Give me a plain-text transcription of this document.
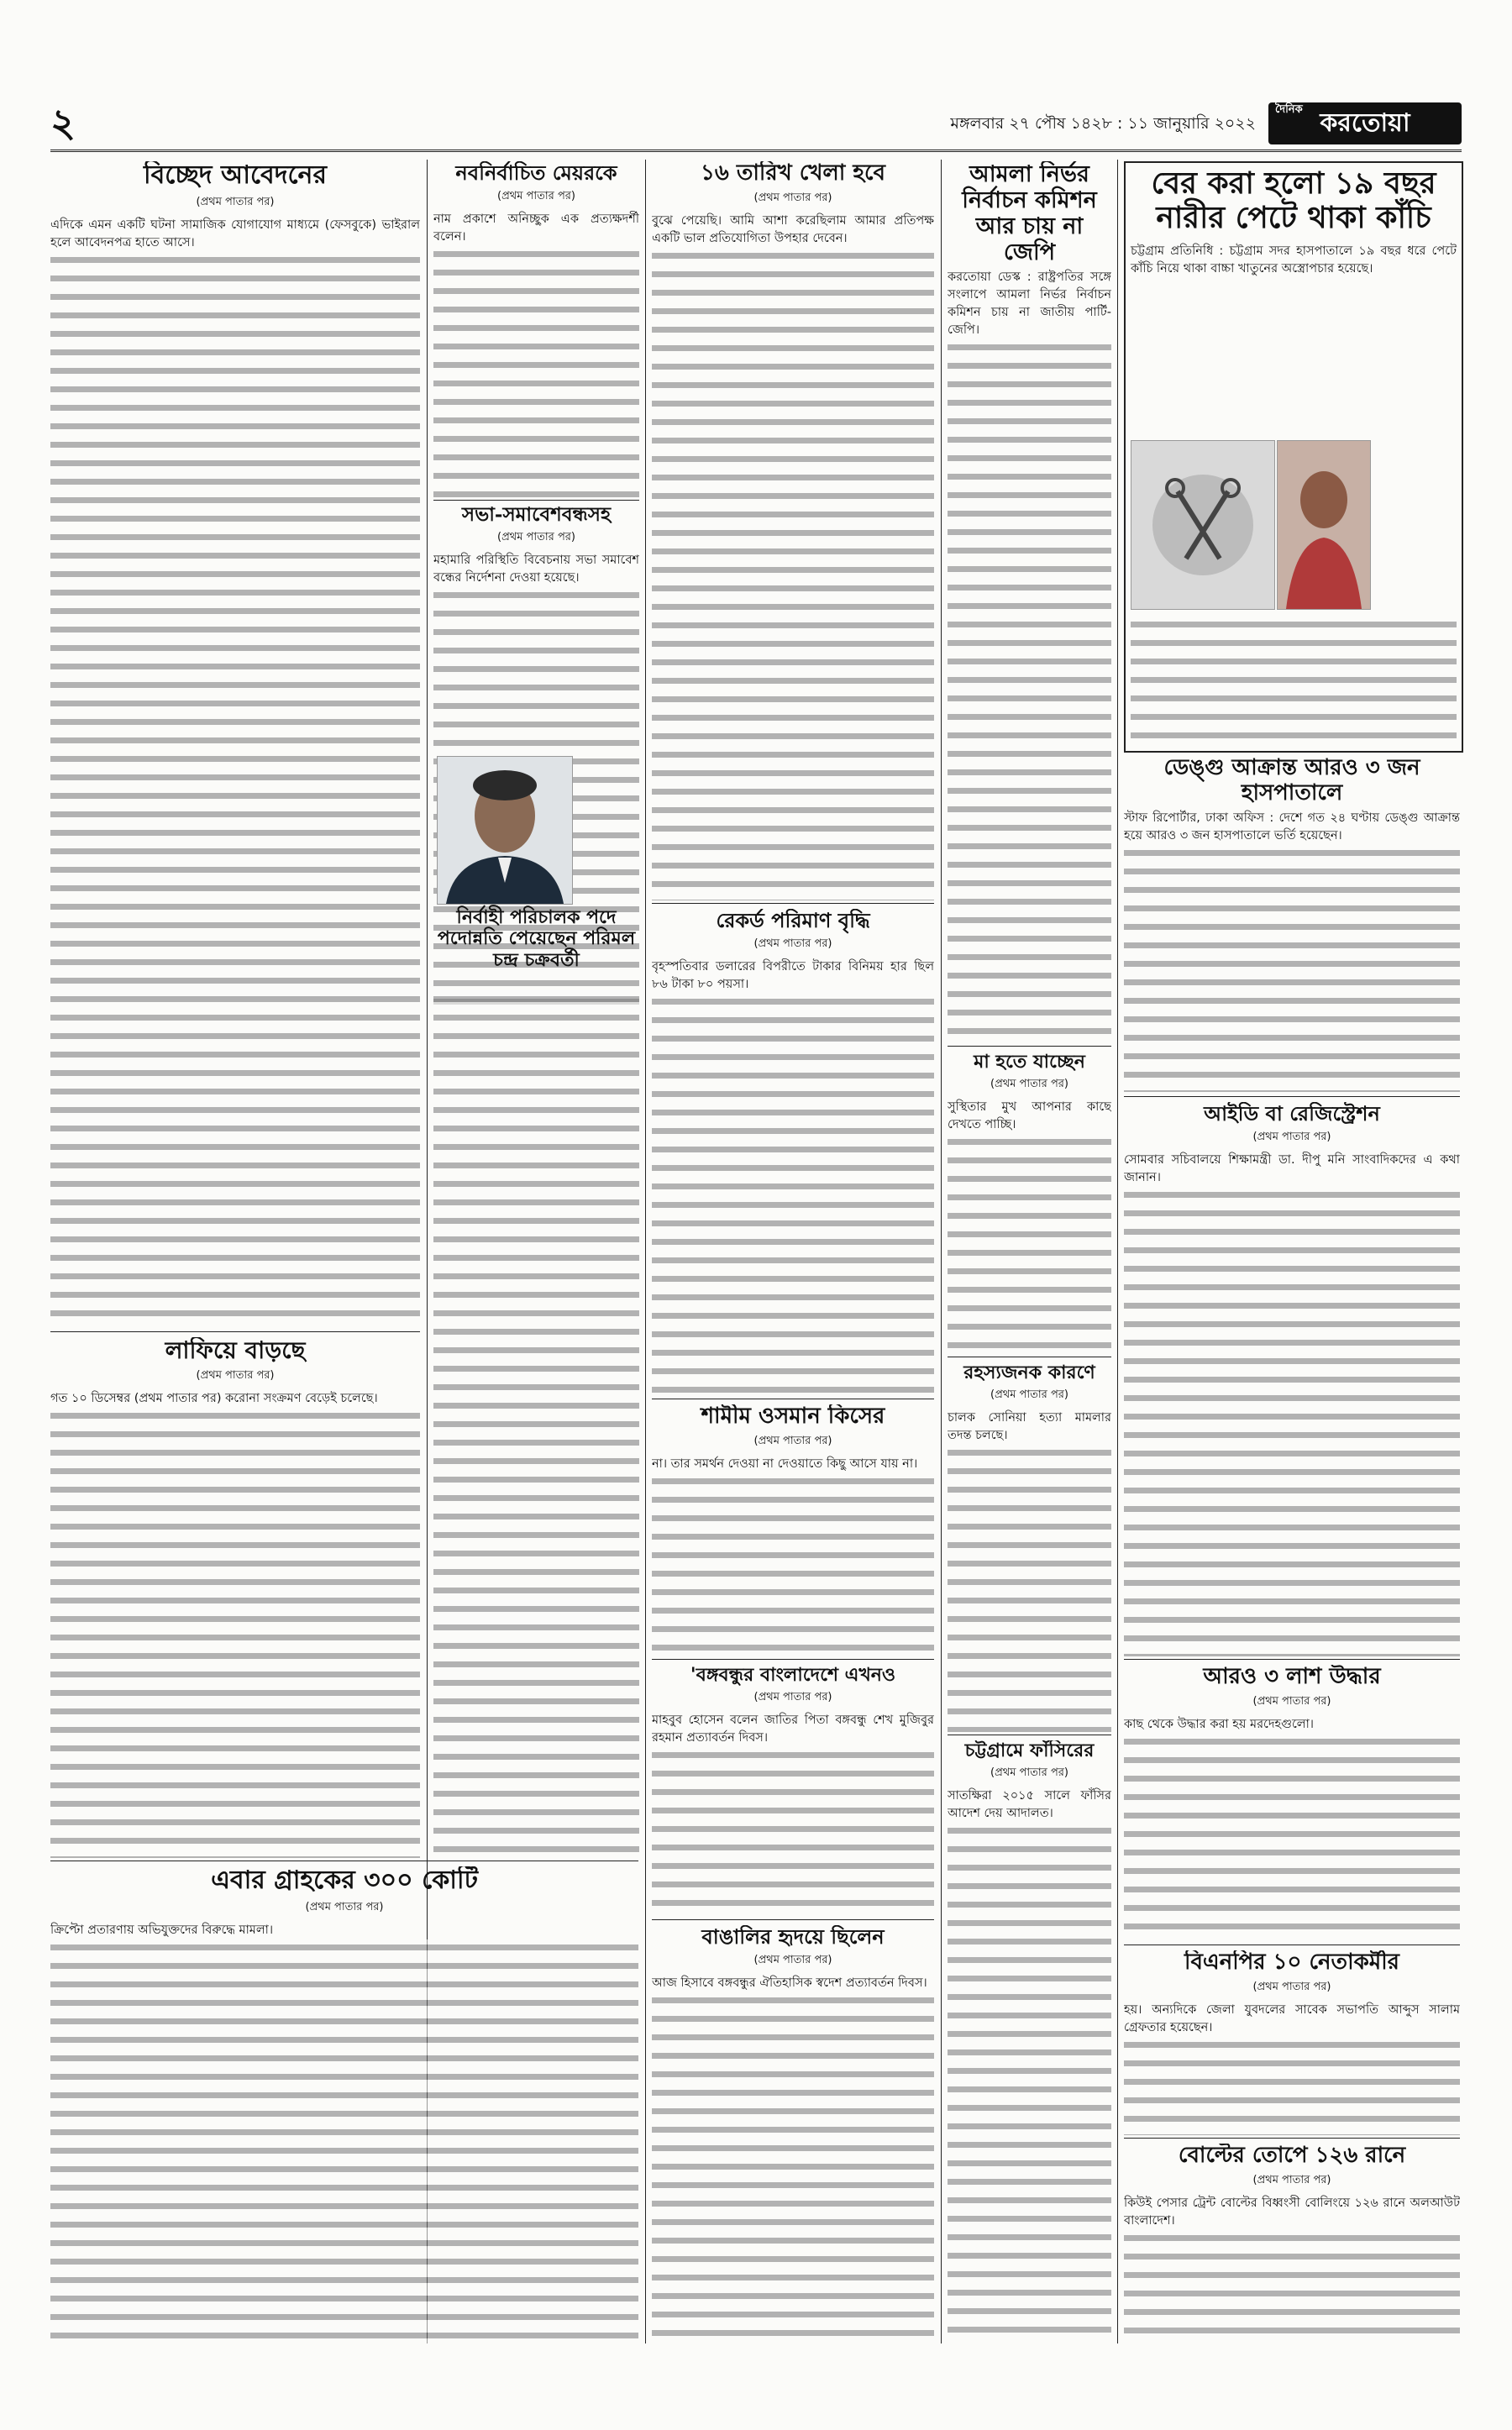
২	মঙ্গলবার ২৭ পৌষ ১৪২৮ : ১১ জানুয়ারি ২০২২
দৈনিক করতোয়া
বিচ্ছেদ আবেদনের
(প্রথম পাতার পর)

এদিকে এমন একটি ঘটনা সামাজিক যোগাযোগ মাধ্যমে (ফেসবুকে) ভাইরাল হলে আবেদনপত্র হাতে আসে।

লাফিয়ে বাড়ছে
(প্রথম পাতার পর)

গত ১০ ডিসেম্বর (প্রথম পাতার পর) করোনা সংক্রমণ বেড়েই চলেছে।

এবার গ্রাহকের ৩০০ কোটি
(প্রথম পাতার পর)

ক্রিপ্টো প্রতারণায় অভিযুক্তদের বিরুদ্ধে মামলা।

নবনির্বাচিত মেয়রকে
(প্রথম পাতার পর)

নাম প্রকাশে অনিচ্ছুক এক প্রত্যক্ষদর্শী বলেন।

সভা-সমাবেশবন্ধসহ
(প্রথম পাতার পর)

মহামারি পরিস্থিতি বিবেচনায় সভা সমাবেশ বন্ধের নির্দেশনা দেওয়া হয়েছে।

নির্বাহী পরিচালক পদে পদোন্নতি পেয়েছেন পরিমল চন্দ্র চক্রবর্তী
১৬ তারিখ খেলা হবে
(প্রথম পাতার পর)

বুঝে পেয়েছি। আমি আশা করেছিলাম আমার প্রতিপক্ষ একটি ভাল প্রতিযোগিতা উপহার দেবেন।

রেকর্ড পরিমাণ বৃদ্ধি
(প্রথম পাতার পর)

বৃহস্পতিবার ডলারের বিপরীতে টাকার বিনিময় হার ছিল ৮৬ টাকা ৮০ পয়সা।

শামীম ওসমান কিসের
(প্রথম পাতার পর)

না। তার সমর্থন দেওয়া না দেওয়াতে কিছু আসে যায় না।

'বঙ্গবন্ধুর বাংলাদেশে এখনও
(প্রথম পাতার পর)

মাহবুব হোসেন বলেন জাতির পিতা বঙ্গবন্ধু শেখ মুজিবুর রহমান প্রত্যাবর্তন দিবস।

বাঙালির হৃদয়ে ছিলেন
(প্রথম পাতার পর)

আজ হিসাবে বঙ্গবন্ধুর ঐতিহাসিক স্বদেশ প্রত্যাবর্তন দিবস।

আমলা নির্ভর নির্বাচন কমিশন আর চায় না জেপি

করতোয়া ডেস্ক : রাষ্ট্রপতির সঙ্গে সংলাপে আমলা নির্ভর নির্বাচন কমিশন চায় না জাতীয় পার্টি-জেপি।

মা হতে যাচ্ছেন
(প্রথম পাতার পর)

সুস্থিতার মুখ আপনার কাছে দেখতে পাচ্ছি।

রহস্যজনক কারণে
(প্রথম পাতার পর)

চালক সোনিয়া হত্যা মামলার তদন্ত চলছে।

চট্টগ্রামে ফাঁসিরের
(প্রথম পাতার পর)

সাতক্ষিরা ২০১৫ সালে ফাঁসির আদেশ দেয় আদালত।

বের করা হলো ১৯ বছর নারীর পেটে থাকা কাঁচি

চট্টগ্রাম প্রতিনিধি : চট্টগ্রাম সদর হাসপাতালে ১৯ বছর ধরে পেটে কাঁচি নিয়ে থাকা বাচ্চা খাতুনের অস্ত্রোপচার হয়েছে।

ডেঙ্গু আক্রান্ত আরও ৩ জন হাসপাতালে

স্টাফ রিপোর্টার, ঢাকা অফিস : দেশে গত ২৪ ঘণ্টায় ডেঙ্গু আক্রান্ত হয়ে আরও ৩ জন হাসপাতালে ভর্তি হয়েছেন।

আইডি বা রেজিস্ট্রেশন
(প্রথম পাতার পর)

সোমবার সচিবালয়ে শিক্ষামন্ত্রী ডা. দীপু মনি সাংবাদিকদের এ কথা জানান।

আরও ৩ লাশ উদ্ধার
(প্রথম পাতার পর)

কাছ থেকে উদ্ধার করা হয় মরদেহগুলো।

বিএনপির ১০ নেতাকর্মীর
(প্রথম পাতার পর)

হয়। অন্যদিকে জেলা যুবদলের সাবেক সভাপতি আব্দুস সালাম গ্রেফতার হয়েছেন।

বোল্টের তোপে ১২৬ রানে
(প্রথম পাতার পর)

কিউই পেসার ট্রেন্ট বোল্টের বিধ্বংসী বোলিংয়ে ১২৬ রানে অলআউট বাংলাদেশ।
